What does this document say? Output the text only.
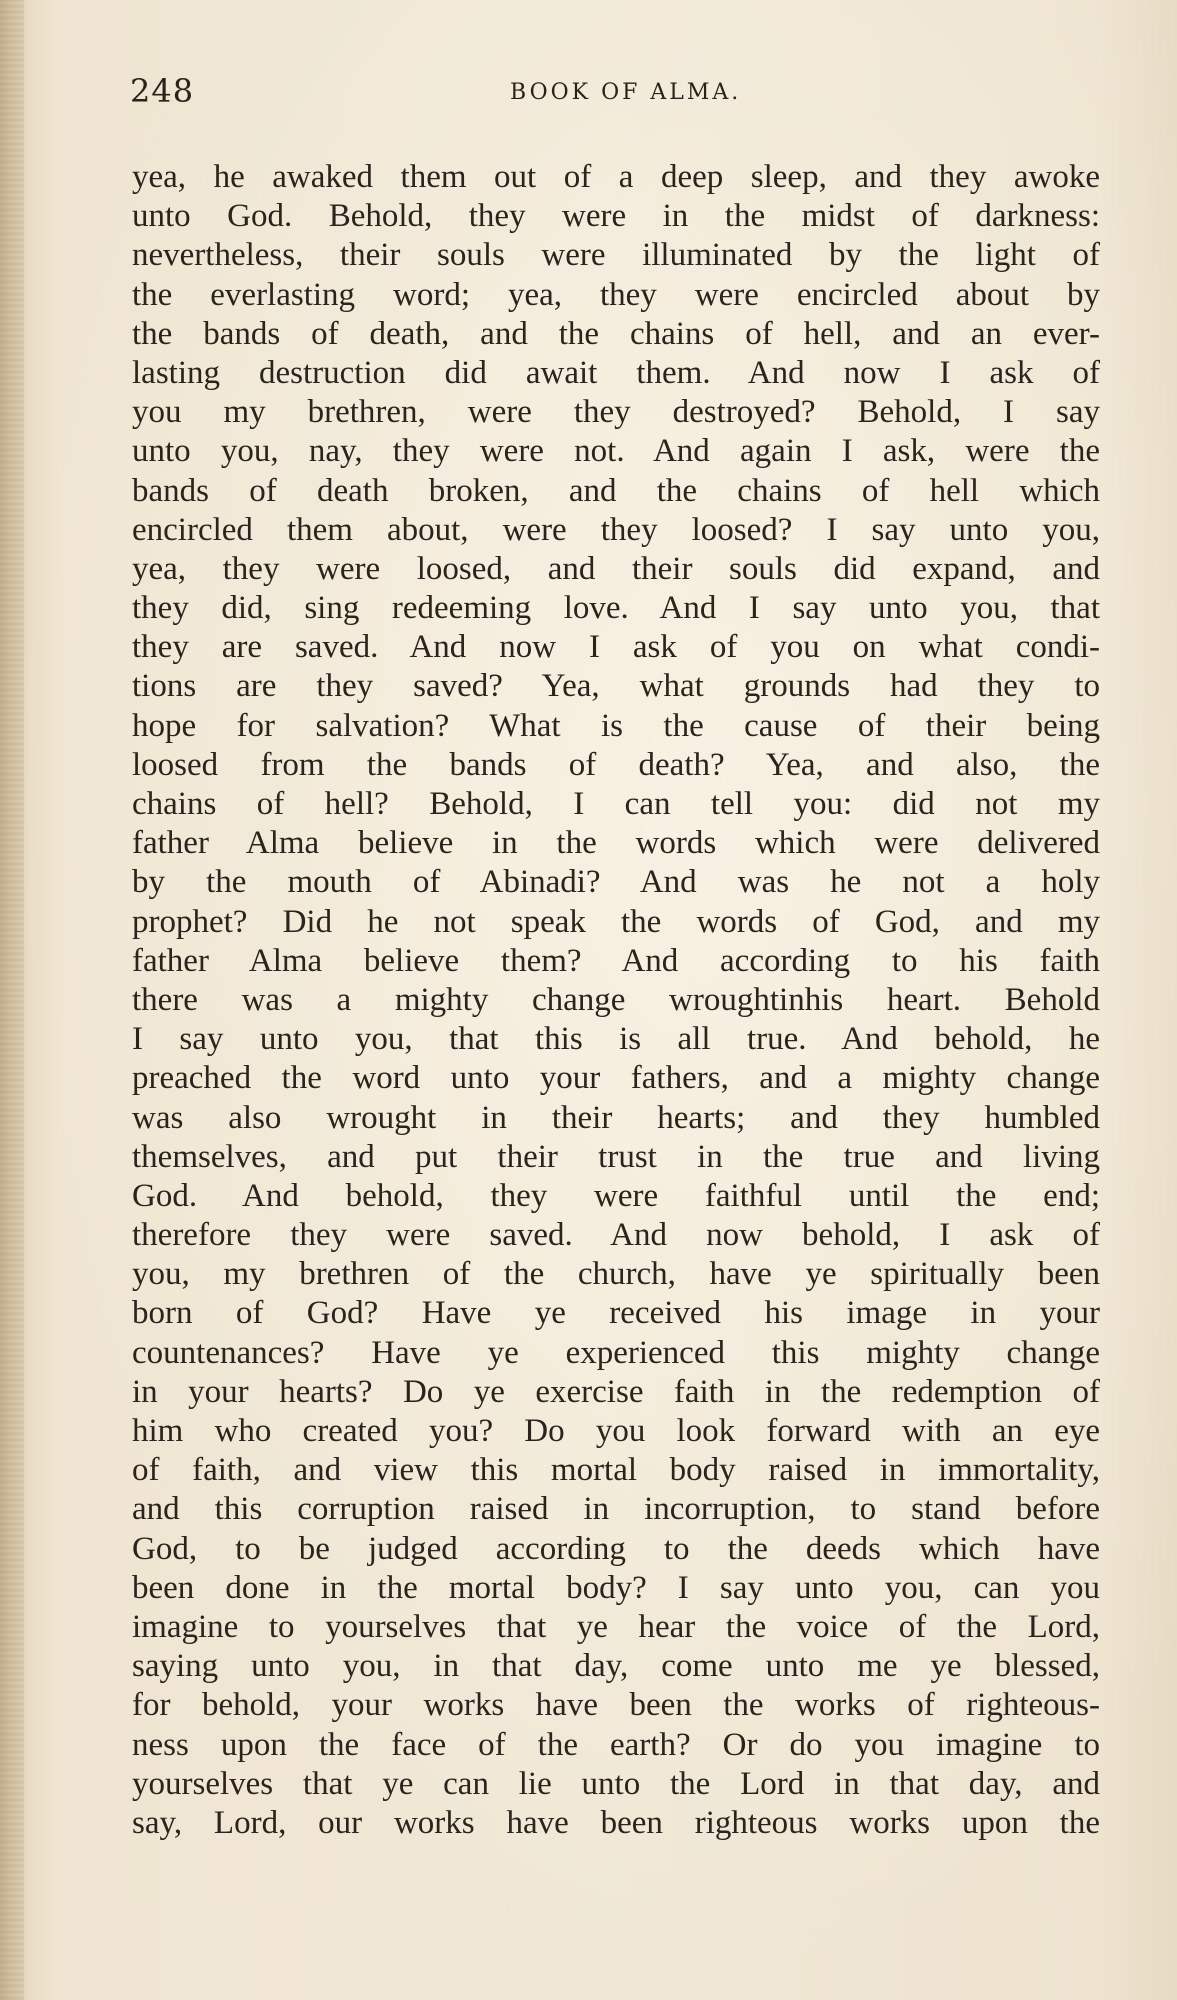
248	BOOK OF ALMA.
yea, he awaked them out of a deep sleep, and they awoke
unto God. Behold, they were in the midst of darkness:
nevertheless, their souls were illuminated by the light of
the everlasting word; yea, they were encircled about by
the bands of death, and the chains of hell, and an ever-
lasting destruction did await them. And now I ask of
you my brethren, were they destroyed? Behold, I say
unto you, nay, they were not. And again I ask, were the
bands of death broken, and the chains of hell which
encircled them about, were they loosed? I say unto you,
yea, they were loosed, and their souls did expand, and
they did, sing redeeming love. And I say unto you, that
they are saved. And now I ask of you on what condi-
tions are they saved? Yea, what grounds had they to
hope for salvation? What is the cause of their being
loosed from the bands of death? Yea, and also, the
chains of hell? Behold, I can tell you: did not my
father Alma believe in the words which were delivered
by the mouth of Abinadi? And was he not a holy
prophet? Did he not speak the words of God, and my
father Alma believe them? And according to his faith
there was a mighty change wroughtinhis heart. Behold
I say unto you, that this is all true. And behold, he
preached the word unto your fathers, and a mighty change
was also wrought in their hearts; and they humbled
themselves, and put their trust in the true and living
God. And behold, they were faithful until the end;
therefore they were saved. And now behold, I ask of
you, my brethren of the church, have ye spiritually been
born of God? Have ye received his image in your
countenances? Have ye experienced this mighty change
in your hearts? Do ye exercise faith in the redemption of
him who created you? Do you look forward with an eye
of faith, and view this mortal body raised in immortality,
and this corruption raised in incorruption, to stand before
God, to be judged according to the deeds which have
been done in the mortal body? I say unto you, can you
imagine to yourselves that ye hear the voice of the Lord,
saying unto you, in that day, come unto me ye blessed,
for behold, your works have been the works of righteous-
ness upon the face of the earth? Or do you imagine to
yourselves that ye can lie unto the Lord in that day, and
say, Lord, our works have been righteous works upon the
